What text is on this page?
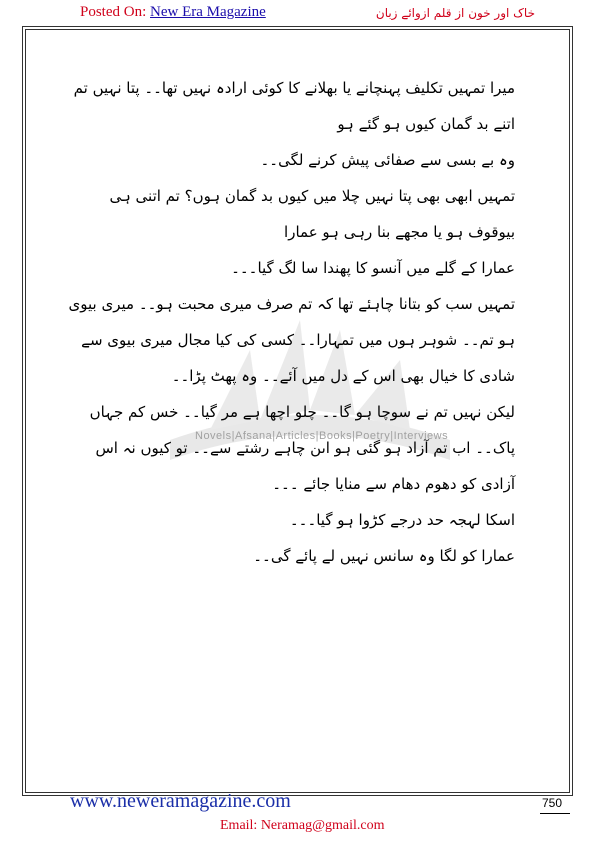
Posted On: New Era Magazine	خاک اور خون از قلم ازوائے زبان
Novels|Afsana|Articles|Books|Poetry|Interviews

میرا تمہیں تکلیف پہنچانے یا بھلانے کا کوئی ارادہ نہیں تھا۔۔ پتا نہیں تم اتنے بد گمان کیوں ہو گئے ہو

وہ بے بسی سے صفائی پیش کرنے لگی۔۔

تمہیں ابھی بھی پتا نہیں چلا میں کیوں بد گمان ہوں؟ تم اتنی ہی بیوقوف ہو یا مجھے بنا رہی ہو عمارا

عمارا کے گلے میں آنسو کا پھندا سا لگ گیا۔۔۔

تمہیں سب کو بتانا چاہئے تھا کہ تم صرف میری محبت ہو۔۔ میری بیوی ہو تم۔۔ شوہر ہوں میں تمہارا۔۔ کسی کی کیا مجال میری بیوی سے شادی کا خیال بھی اس کے دل میں آئے۔۔ وہ پھٹ پڑا۔۔

لیکن نہیں تم نے سوچا ہو گا۔۔ چلو اچھا ہے مر گیا۔۔ خس کم جہاں پاک۔۔ اب تم آزاد ہو گئی ہو اںن چاہے رشتے سے۔۔ تو کیوں نہ اس آزادی کو دھوم دھام سے منایا جائے ۔۔۔

اسکا لہجہ حد درجے کڑوا ہو گیا۔۔۔

عمارا کو لگا وہ سانس نہیں لے پائے گی۔۔

www.neweramagazine.com	750
Email: Neramag@gmail.com
